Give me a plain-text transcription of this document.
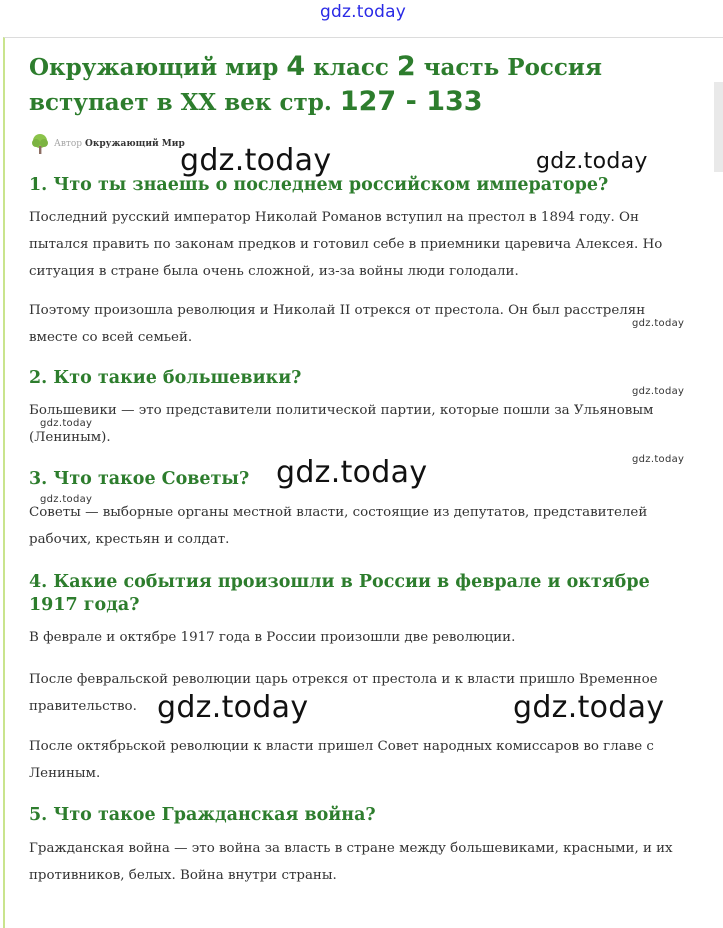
gdz.today
Окружающий мир 4 класс 2 часть Россия вступает в XX век стр. 127 - 133
Автор Окружающий Мир
1. Что ты знаешь о последнем российском императоре?

Последний русский император Николай Романов вступил на престол в 1894 году. Он пытался править по законам предков и готовил себе в приемники царевича Алексея. Но ситуация в стране была очень сложной, из-за войны люди голодали.

Поэтому произошла революция и Николай II отрекся от престола. Он был расстрелян вместе со всей семьей.

2. Кто такие большевики?

Большевики — это представители политической партии, которые пошли за Ульяновым (Лениным).

3. Что такое Советы?

Советы — выборные органы местной власти, состоящие из депутатов, представителей рабочих, крестьян и солдат.

4. Какие события произошли в России в феврале и октябре 1917 года?

В феврале и октябре 1917 года в России произошли две революции.

После февральской революции царь отрекся от престола и к власти пришло Временное правительство.

После октябрьской революции к власти пришел Совет народных комиссаров во главе с Лениным.

5. Что такое Гражданская война?

Гражданская война — это война за власть в стране между большевиками, красными, и их противников, белых. Война внутри страны.

gdz.today	gdz.today
gdz.today
gdz.today
gdz.today
gdz.today
gdz.today
gdz.today
gdz.today	gdz.today
